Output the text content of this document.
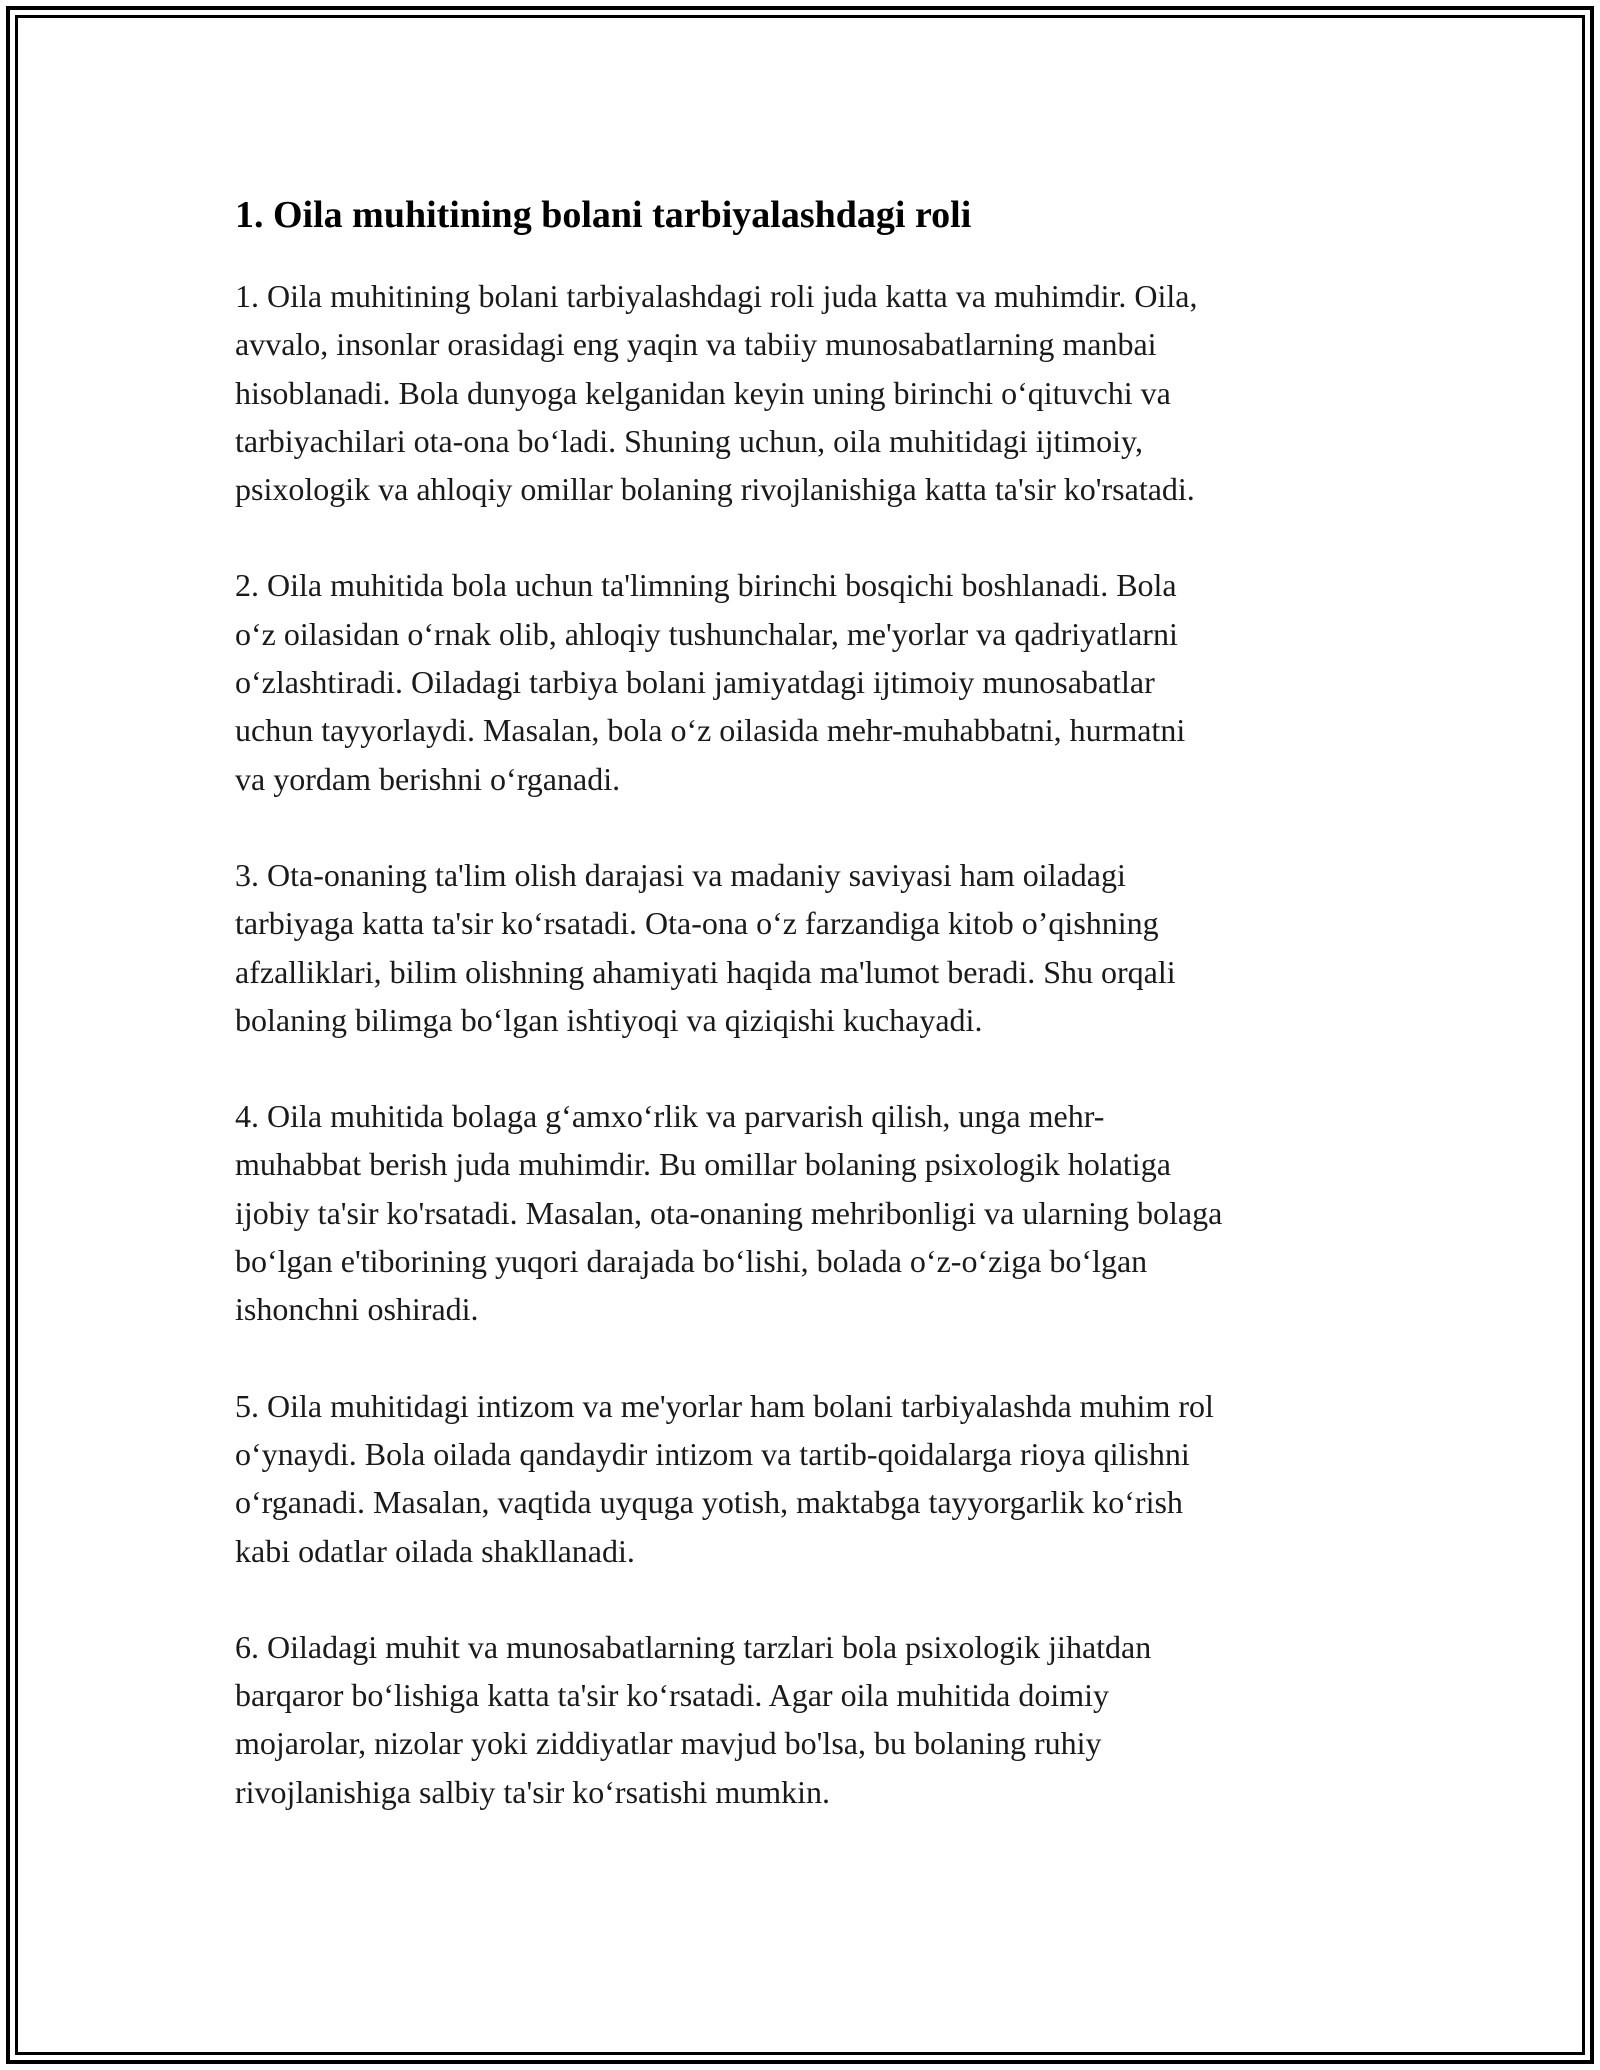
1. Oila muhitining bolani tarbiyalashdagi roli

1. Oila muhitining bolani tarbiyalashdagi roli juda katta va muhimdir. Oila,
avvalo, insonlar orasidagi eng yaqin va tabiiy munosabatlarning manbai
hisoblanadi. Bola dunyoga kelganidan keyin uning birinchi o‘qituvchi va
tarbiyachilari ota-ona bo‘ladi. Shuning uchun, oila muhitidagi ijtimoiy,
psixologik va ahloqiy omillar bolaning rivojlanishiga katta ta'sir ko'rsatadi.

2. Oila muhitida bola uchun ta'limning birinchi bosqichi boshlanadi. Bola
o‘z oilasidan o‘rnak olib, ahloqiy tushunchalar, me'yorlar va qadriyatlarni
o‘zlashtiradi. Oiladagi tarbiya bolani jamiyatdagi ijtimoiy munosabatlar
uchun tayyorlaydi. Masalan, bola o‘z oilasida mehr-muhabbatni, hurmatni
va yordam berishni o‘rganadi.

3. Ota-onaning ta'lim olish darajasi va madaniy saviyasi ham oiladagi
tarbiyaga katta ta'sir ko‘rsatadi. Ota-ona o‘z farzandiga kitob o’qishning
afzalliklari, bilim olishning ahamiyati haqida ma'lumot beradi. Shu orqali
bolaning bilimga bo‘lgan ishtiyoqi va qiziqishi kuchayadi.

4. Oila muhitida bolaga g‘amxo‘rlik va parvarish qilish, unga mehr-
muhabbat berish juda muhimdir. Bu omillar bolaning psixologik holatiga
ijobiy ta'sir ko'rsatadi. Masalan, ota-onaning mehribonligi va ularning bolaga
bo‘lgan e'tiborining yuqori darajada bo‘lishi, bolada o‘z-o‘ziga bo‘lgan
ishonchni oshiradi.

5. Oila muhitidagi intizom va me'yorlar ham bolani tarbiyalashda muhim rol
o‘ynaydi. Bola oilada qandaydir intizom va tartib-qoidalarga rioya qilishni
o‘rganadi. Masalan, vaqtida uyquga yotish, maktabga tayyorgarlik ko‘rish
kabi odatlar oilada shakllanadi.

6. Oiladagi muhit va munosabatlarning tarzlari bola psixologik jihatdan
barqaror bo‘lishiga katta ta'sir ko‘rsatadi. Agar oila muhitida doimiy
mojarolar, nizolar yoki ziddiyatlar mavjud bo'lsa, bu bolaning ruhiy
rivojlanishiga salbiy ta'sir ko‘rsatishi mumkin.
